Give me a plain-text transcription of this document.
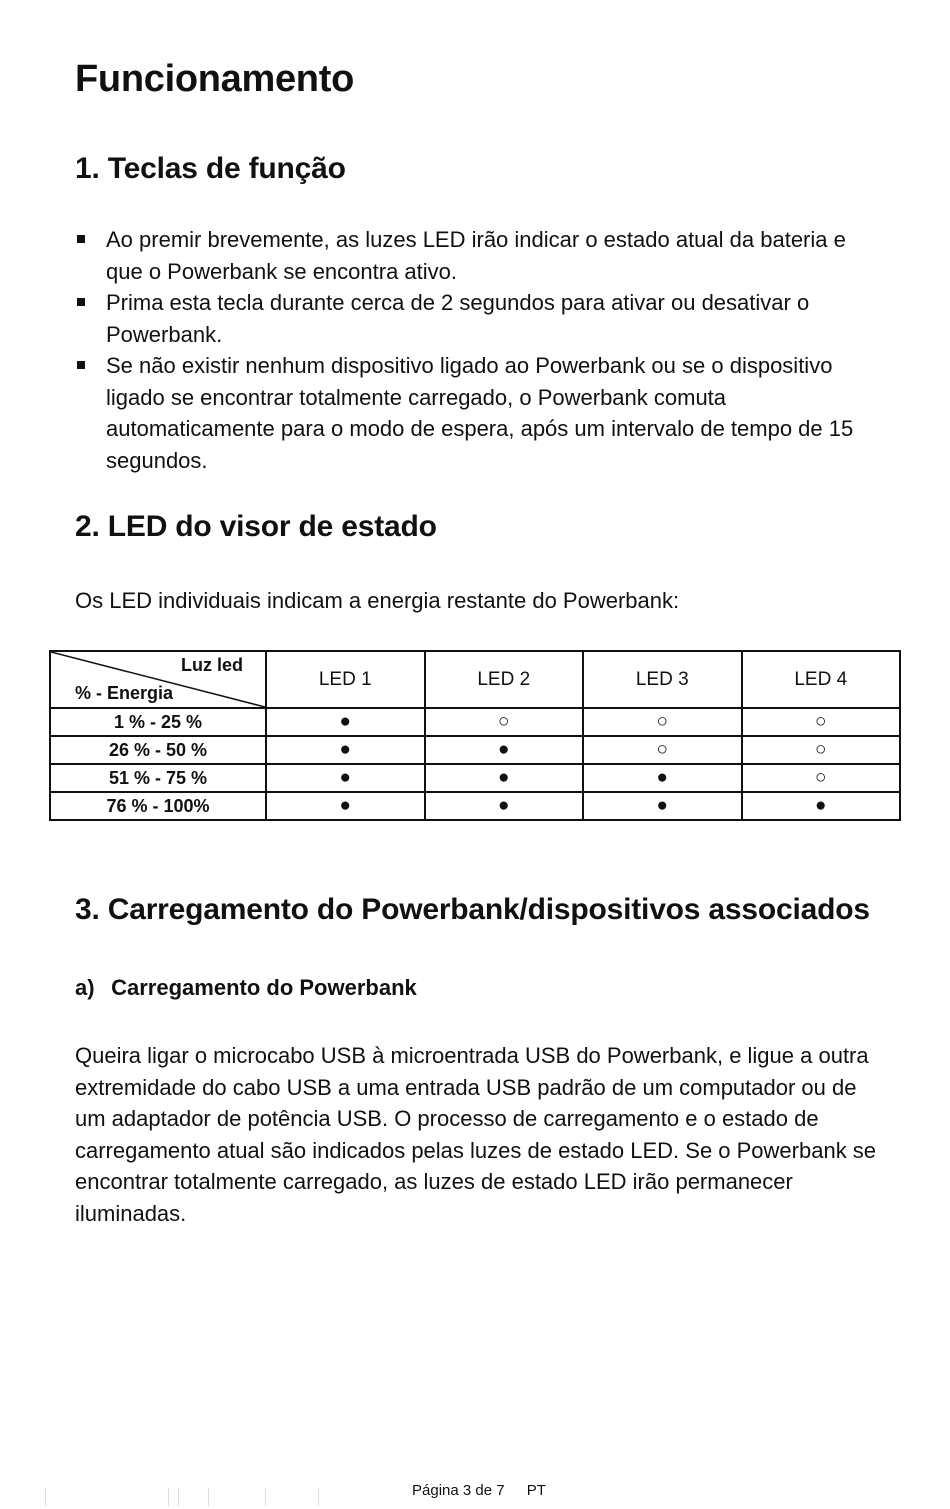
Funcionamento
1. Teclas de função
Ao premir brevemente, as luzes LED irão indicar o estado atual da bateria e que o Powerbank se encontra ativo.
Prima esta tecla durante cerca de 2 segundos para ativar ou desativar o Powerbank.
Se não existir nenhum dispositivo ligado ao Powerbank ou se o dispositivo ligado se encontrar totalmente carregado, o Powerbank comuta automaticamente para o modo de espera, após um intervalo de tempo de 15 segundos.
2. LED do visor de estado

Os LED individuais indicam a energia restante do Powerbank:

Luz led
% - Energia	LED 1	LED 2	LED 3	LED 4
1 % - 25 %	●	○	○	○
26 % - 50 %	●	●	○	○
51 % - 75 %	●	●	●	○
76 % - 100%	●	●	●	●
3. Carregamento do Powerbank/dispositivos associados

a) Carregamento do Powerbank

Queira ligar o microcabo USB à microentrada USB do Powerbank, e ligue a outra extremidade do cabo USB a uma entrada USB padrão de um computador ou de um adaptador de potência USB. O processo de carregamento e o estado de carregamento atual são indicados pelas luzes de estado LED. Se o Powerbank se encontrar totalmente carregado, as luzes de estado LED irão permanecer iluminadas.

Página 3 de 7 PT
